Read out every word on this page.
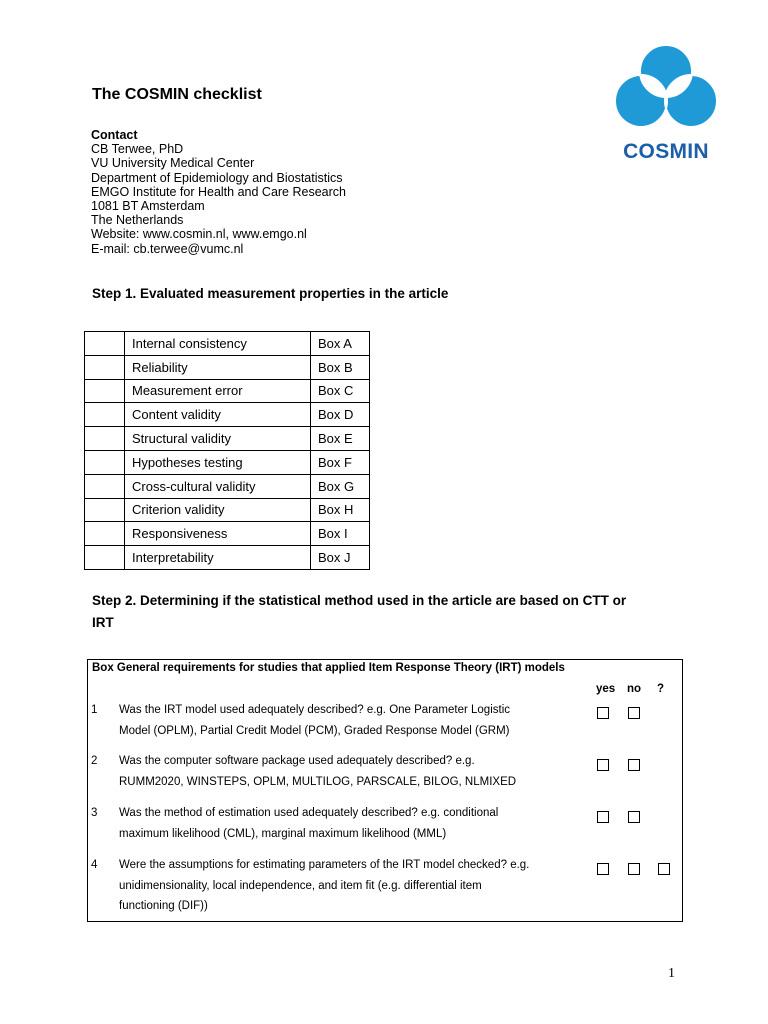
The COSMIN checklist
COSMIN
Contact
CB Terwee, PhD
VU University Medical Center
Department of Epidemiology and Biostatistics
EMGO Institute for Health and Care Research
1081 BT Amsterdam
The Netherlands
Website: www.cosmin.nl, www.emgo.nl
E-mail: cb.terwee@vumc.nl
Step 1. Evaluated measurement properties in the article
	Internal consistency	Box A
	Reliability	Box B
	Measurement error	Box C
	Content validity	Box D
	Structural validity	Box E
	Hypotheses testing	Box F
	Cross-cultural validity	Box G
	Criterion validity	Box H
	Responsiveness	Box I
	Interpretability	Box J
Step 2. Determining if the statistical method used in the article are based on CTT or
IRT
Box General requirements for studies that applied Item Response Theory (IRT) models
yes no ?
1 Was the IRT model used adequately described? e.g. One Parameter Logistic
Model (OPLM), Partial Credit Model (PCM), Graded Response Model (GRM)
2 Was the computer software package used adequately described? e.g.
RUMM2020, WINSTEPS, OPLM, MULTILOG, PARSCALE, BILOG, NLMIXED
3 Was the method of estimation used adequately described? e.g. conditional
maximum likelihood (CML), marginal maximum likelihood (MML)
4 Were the assumptions for estimating parameters of the IRT model checked? e.g.
unidimensionality, local independence, and item fit (e.g. differential item
functioning (DIF))
1
